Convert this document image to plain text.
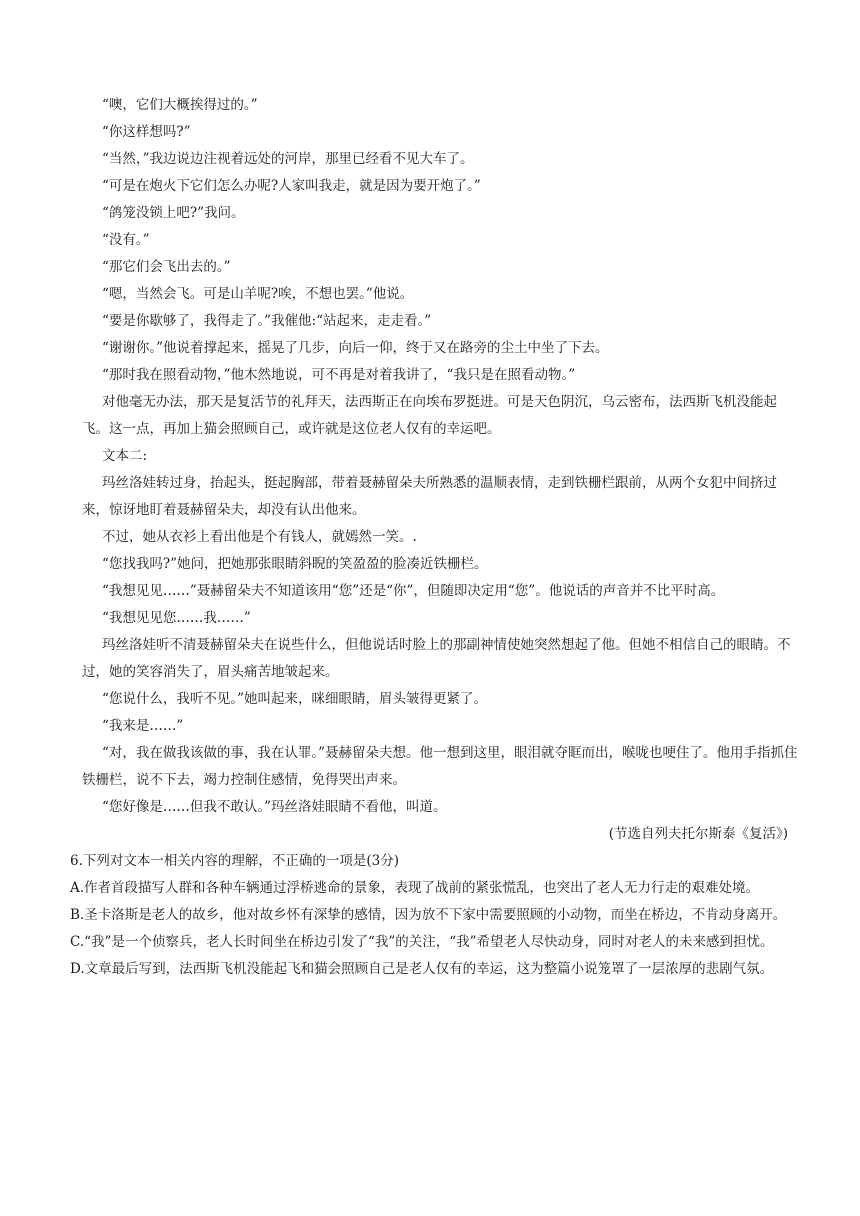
“噢，它们大概挨得过的。”

“你这样想吗?”

“当然，”我边说边注视着远处的河岸，那里已经看不见大车了。

“可是在炮火下它们怎么办呢?人家叫我走，就是因为要开炮了。”

“鸽笼没锁上吧?”我问。

“没有。”

“那它们会飞出去的。”

“嗯，当然会飞。可是山羊呢?唉，不想也罢。”他说。

“要是你歇够了，我得走了。”我催他:“站起来，走走看。”

“谢谢你。”他说着撑起来，摇晃了几步，向后一仰，终于又在路旁的尘土中坐了下去。

“那时我在照看动物，”他木然地说，可不再是对着我讲了，“我只是在照看动物。”

对他毫无办法，那天是复活节的礼拜天，法西斯正在向埃布罗挺进。可是天色阴沉，乌云密布，法西斯飞机没能起飞。这一点，再加上猫会照顾自己，或许就是这位老人仅有的幸运吧。

文本二:

玛丝洛娃转过身，抬起头，挺起胸部，带着聂赫留朵夫所熟悉的温顺表情，走到铁栅栏跟前，从两个女犯中间挤过来，惊讶地盯着聂赫留朵夫，却没有认出他来。

不过，她从衣衫上看出他是个有钱人，就嫣然一笑。.

“您找我吗?”她问，把她那张眼睛斜睨的笑盈盈的脸凑近铁栅栏。

“我想见见……”聂赫留朵夫不知道该用“您”还是“你”，但随即决定用“您”。他说话的声音并不比平时高。

“我想见见您……我……”

玛丝洛娃听不清聂赫留朵夫在说些什么，但他说话时脸上的那副神情使她突然想起了他。但她不相信自己的眼睛。不过，她的笑容消失了，眉头痛苦地皱起来。

“您说什么，我听不见。”她叫起来，咪细眼睛，眉头皱得更紧了。

“我来是……”

“对，我在做我该做的事，我在认罪。”聂赫留朵夫想。他一想到这里，眼泪就夺眶而出，喉咙也哽住了。他用手指抓住铁栅栏，说不下去，竭力控制住感情，免得哭出声来。

“您好像是……但我不敢认。”玛丝洛娃眼睛不看他，叫道。

(节选自列夫托尔斯泰《复活》)

6.下列对文本一相关内容的理解，不正确的一项是(3分)

A.作者首段描写人群和各种车辆通过浮桥逃命的景象，表现了战前的紧张慌乱，也突出了老人无力行走的艰难处境。

B.圣卡洛斯是老人的故乡，他对故乡怀有深挚的感情，因为放不下家中需要照顾的小动物，而坐在桥边，不肯动身离开。

C.“我”是一个侦察兵，老人长时间坐在桥边引发了“我”的关注，“我”希望老人尽快动身，同时对老人的未来感到担忧。

D.文章最后写到，法西斯飞机没能起飞和猫会照顾自己是老人仅有的幸运，这为整篇小说笼罩了一层浓厚的悲剧气氛。
